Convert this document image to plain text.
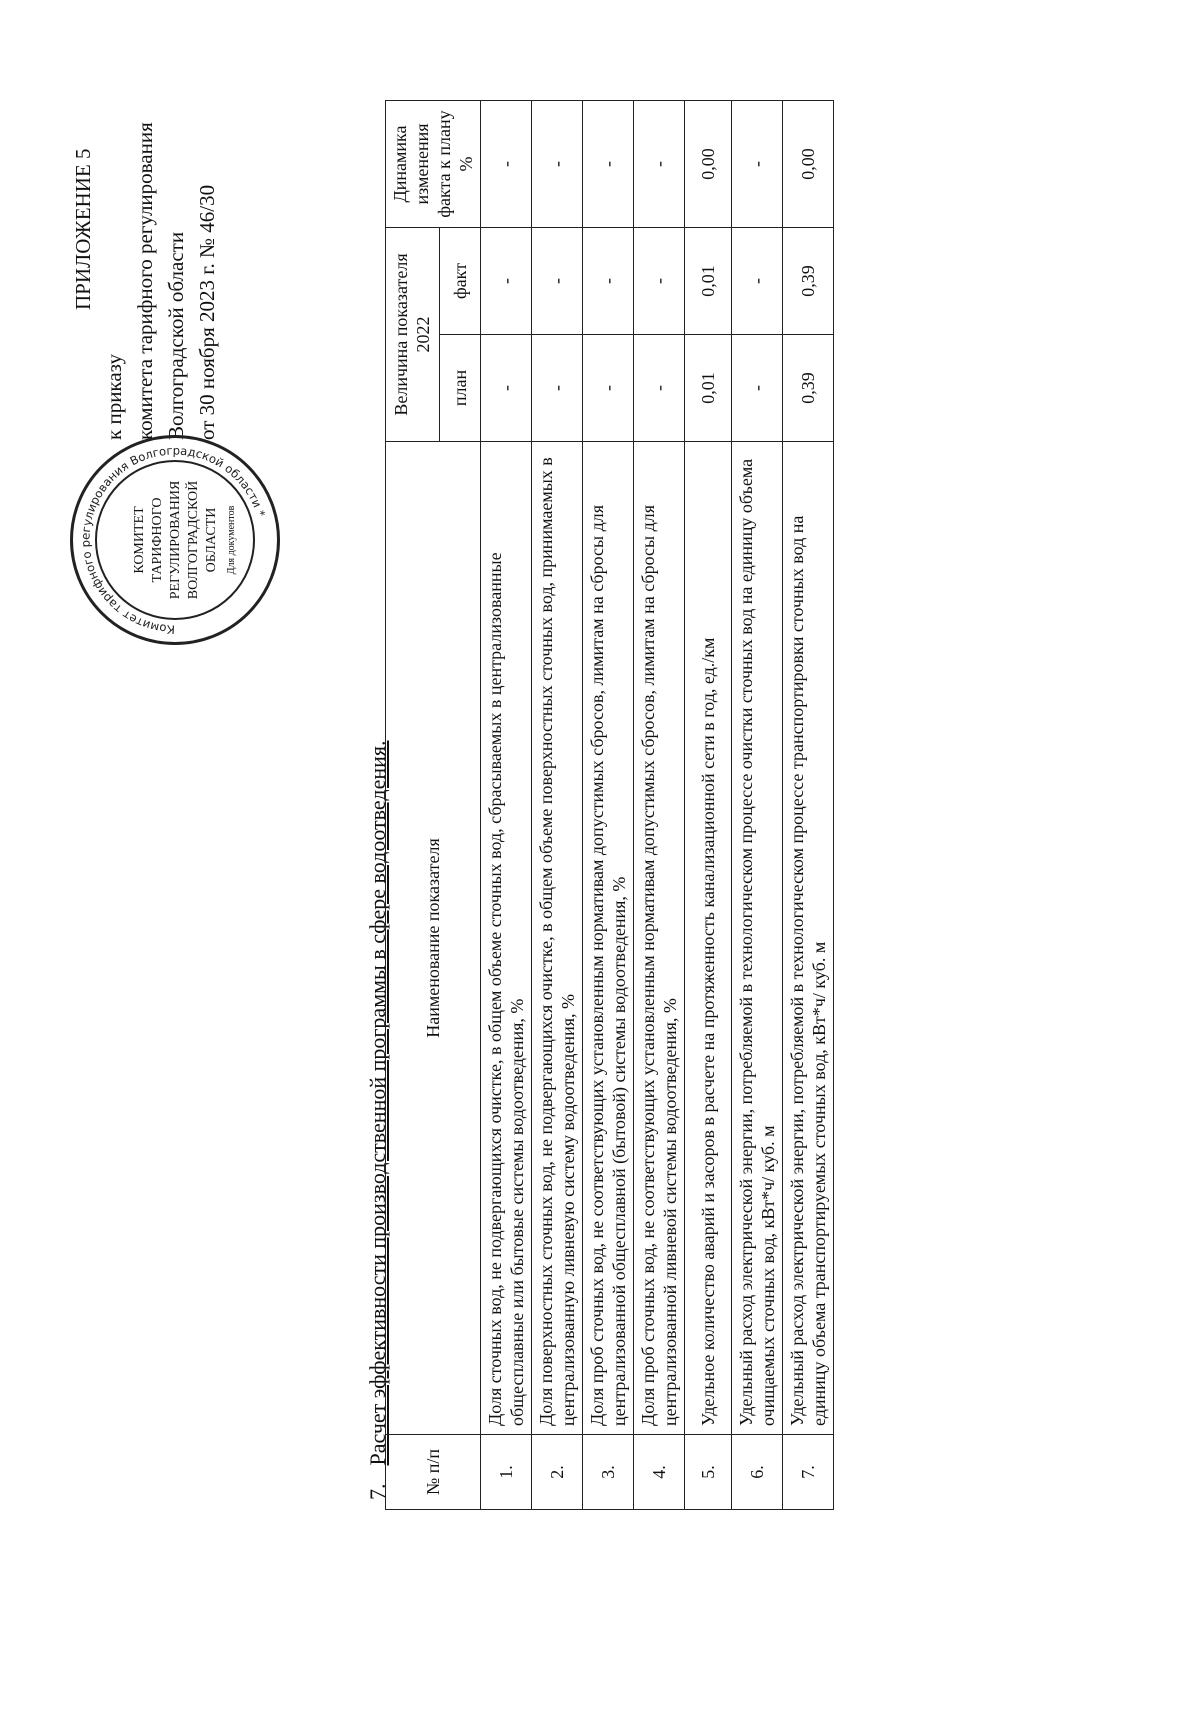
ПРИЛОЖЕНИЕ 5
к приказу комитета тарифного регулирования Волгоградской области от 30 ноября 2023 г. № 46/30
Комитет тарифного регулирования Волгоградской области *
КОМИТЕТ ТАРИФНОГО РЕГУЛИРОВАНИЯ ВОЛГОГРАДСКОЙ ОБЛАСТИ Для документов
7.Расчет эффективности производственной программы в сфере водоотведения.
№ п/п	Наименование показателя	Величина показателя 2022		Динамика изменения факта к плану %
		план	факт	
1.	Доля сточных вод, не подвергающихся очистке, в общем объеме сточных вод, сбрасываемых в централизованные общесплавные или бытовые системы водоотведения, %	-	-	-
2.	Доля поверхностных сточных вод, не подвергающихся очистке, в общем объеме поверхностных сточных вод, принимаемых в централизованную ливневую систему водоотведения, %	-	-	-
3.	Доля проб сточных вод, не соответствующих установленным нормативам допустимых сбросов, лимитам на сбросы для централизованной общесплавной (бытовой) системы водоотведения, %	-	-	-
4.	Доля проб сточных вод, не соответствующих установленным нормативам допустимых сбросов, лимитам на сбросы для централизованной ливневой системы водоотведения, %	-	-	-
5.	Удельное количество аварий и засоров в расчете на протяженность канализационной сети в год, ед./км	0,01	0,01	0,00
6.	Удельный расход электрической энергии, потребляемой в технологическом процессе очистки сточных вод на единицу объема очищаемых сточных вод, кВт*ч/ куб. м	-	-	-
7.	Удельный расход электрической энергии, потребляемой в технологическом процессе транспортировки сточных вод на единицу объема транспортируемых сточных вод, кВт*ч/ куб. м	0,39	0,39	0,00
